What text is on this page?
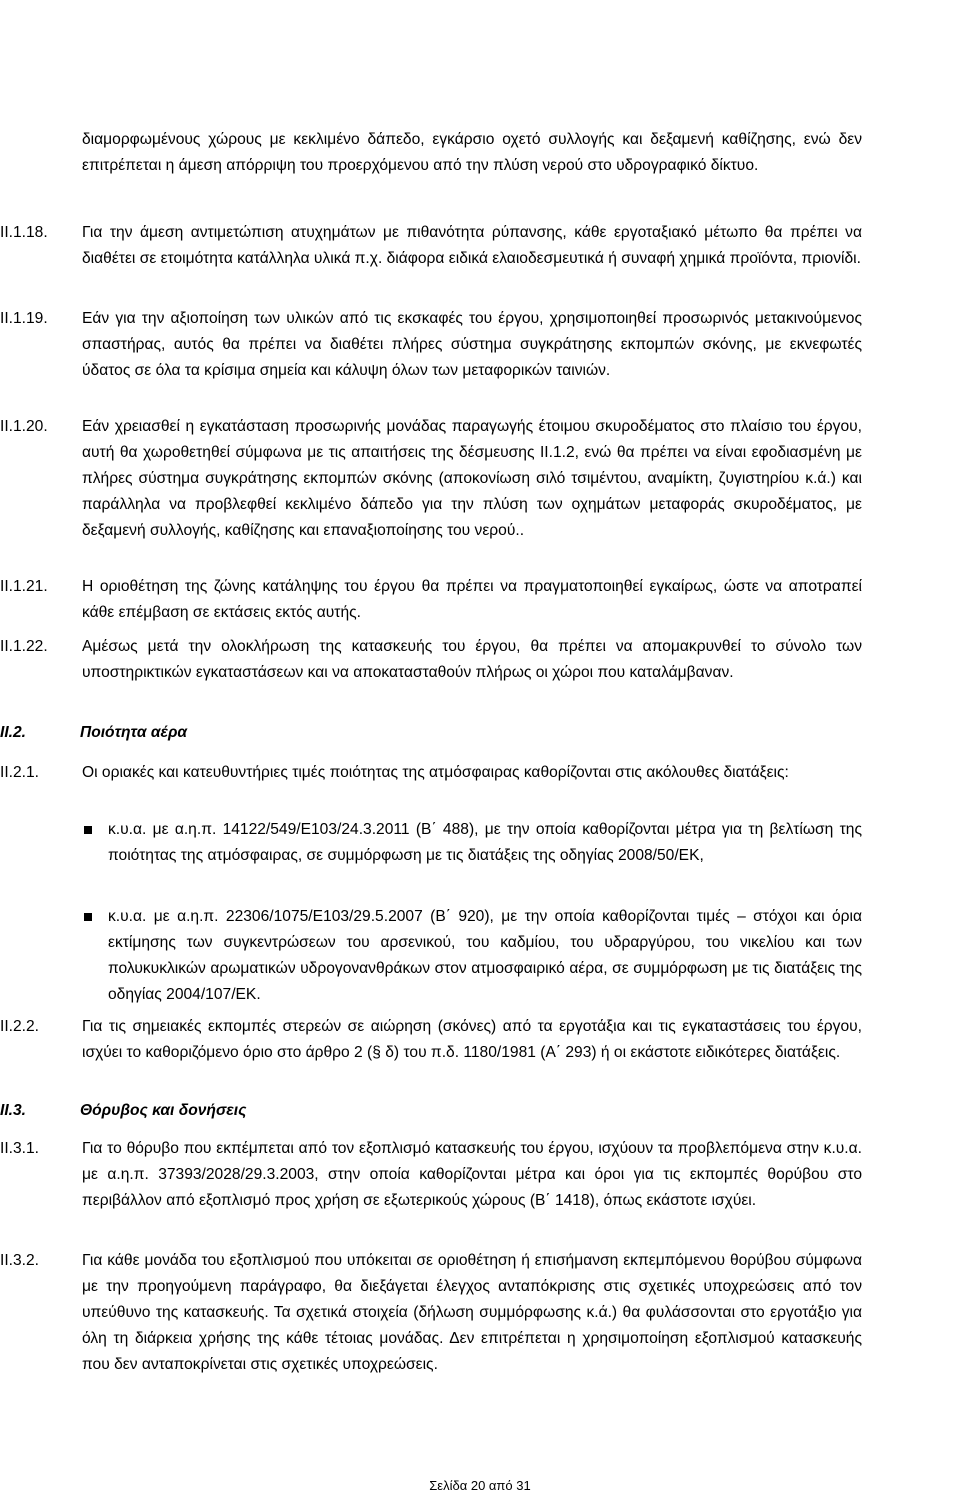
ΑΔΑ: ΒΛ9Σ0-ΚΟΝ
διαμορφωμένους χώρους με κεκλιμένο δάπεδο, εγκάρσιο οχετό συλλογής και δεξαμενή καθίζησης, ενώ δεν επιτρέπεται η άμεση απόρριψη του προερχόμενου από την πλύση νερού στο υδρογραφικό δίκτυο.
ΙΙ.1.18. Για την άμεση αντιμετώπιση ατυχημάτων με πιθανότητα ρύπανσης, κάθε εργοταξιακό μέτωπο θα πρέπει να διαθέτει σε ετοιμότητα κατάλληλα υλικά π.χ. διάφορα ειδικά ελαιοδεσμευτικά ή συναφή χημικά προϊόντα, πριονίδι.
ΙΙ.1.19. Εάν για την αξιοποίηση των υλικών από τις εκσκαφές του έργου, χρησιμοποιηθεί προσωρινός μετακινούμενος σπαστήρας, αυτός θα πρέπει να διαθέτει πλήρες σύστημα συγκράτησης εκπομπών σκόνης, με εκνεφωτές ύδατος σε όλα τα κρίσιμα σημεία και κάλυψη όλων των μεταφορικών ταινιών.
ΙΙ.1.20. Εάν χρειασθεί η εγκατάσταση προσωρινής μονάδας παραγωγής έτοιμου σκυροδέματος στο πλαίσιο του έργου, αυτή θα χωροθετηθεί σύμφωνα με τις απαιτήσεις της δέσμευσης ΙΙ.1.2, ενώ θα πρέπει να είναι εφοδιασμένη με πλήρες σύστημα συγκράτησης εκπομπών σκόνης (αποκονίωση σιλό τσιμέντου, αναμίκτη, ζυγιστηρίου κ.ά.) και παράλληλα να προβλεφθεί κεκλιμένο δάπεδο για την πλύση των οχημάτων μεταφοράς σκυροδέματος, με δεξαμενή συλλογής, καθίζησης και επαναξιοποίησης του νερού..
ΙΙ.1.21. Η οριοθέτηση της ζώνης κατάληψης του έργου θα πρέπει να πραγματοποιηθεί εγκαίρως, ώστε να αποτραπεί κάθε επέμβαση σε εκτάσεις εκτός αυτής.
ΙΙ.1.22. Αμέσως μετά την ολοκλήρωση της κατασκευής του έργου, θα πρέπει να απομακρυνθεί το σύνολο των υποστηρικτικών εγκαταστάσεων και να αποκατασταθούν πλήρως οι χώροι που καταλάμβαναν.
ΙΙ.2.	Ποιότητα αέρα
ΙΙ.2.1.	Οι οριακές και κατευθυντήριες τιμές ποιότητας της ατμόσφαιρας καθορίζονται στις ακόλουθες διατάξεις:
κ.υ.α. με α.η.π. 14122/549/Ε103/24.3.2011 (Β΄ 488), με την οποία καθορίζονται μέτρα για τη βελτίωση της ποιότητας της ατμόσφαιρας, σε συμμόρφωση με τις διατάξεις της οδηγίας 2008/50/ΕΚ,
κ.υ.α. με α.η.π. 22306/1075/Ε103/29.5.2007 (Β΄ 920), με την οποία καθορίζονται τιμές – στόχοι και όρια εκτίμησης των συγκεντρώσεων του αρσενικού, του καδμίου, του υδραργύρου, του νικελίου και των πολυκυκλικών αρωματικών υδρογονανθράκων στον ατμοσφαιρικό αέρα, σε συμμόρφωση με τις διατάξεις της οδηγίας 2004/107/ΕΚ.
ΙΙ.2.2.	Για τις σημειακές εκπομπές στερεών σε αιώρηση (σκόνες) από τα εργοτάξια και τις εγκαταστάσεις του έργου, ισχύει το καθοριζόμενο όριο στο άρθρο 2 (§ δ) του π.δ. 1180/1981 (Α΄ 293) ή οι εκάστοτε ειδικότερες διατάξεις.
ΙΙ.3.	Θόρυβος και δονήσεις
ΙΙ.3.1.	Για το θόρυβο που εκπέμπεται από τον εξοπλισμό κατασκευής του έργου, ισχύουν τα προβλεπόμενα στην κ.υ.α. με α.η.π. 37393/2028/29.3.2003, στην οποία καθορίζονται μέτρα και όροι για τις εκπομπές θορύβου στο περιβάλλον από εξοπλισμό προς χρήση σε εξωτερικούς χώρους (Β΄ 1418), όπως εκάστοτε ισχύει.
ΙΙ.3.2.	Για κάθε μονάδα του εξοπλισμού που υπόκειται σε οριοθέτηση ή επισήμανση εκπεμπόμενου θορύβου σύμφωνα με την προηγούμενη παράγραφο, θα διεξάγεται έλεγχος ανταπόκρισης στις σχετικές υποχρεώσεις από τον υπεύθυνο της κατασκευής. Τα σχετικά στοιχεία (δήλωση συμμόρφωσης κ.ά.) θα φυλάσσονται στο εργοτάξιο για όλη τη διάρκεια χρήσης της κάθε τέτοιας μονάδας. Δεν επιτρέπεται η χρησιμοποίηση εξοπλισμού κατασκευής που δεν ανταποκρίνεται στις σχετικές υποχρεώσεις.
Σελίδα 20 από 31
